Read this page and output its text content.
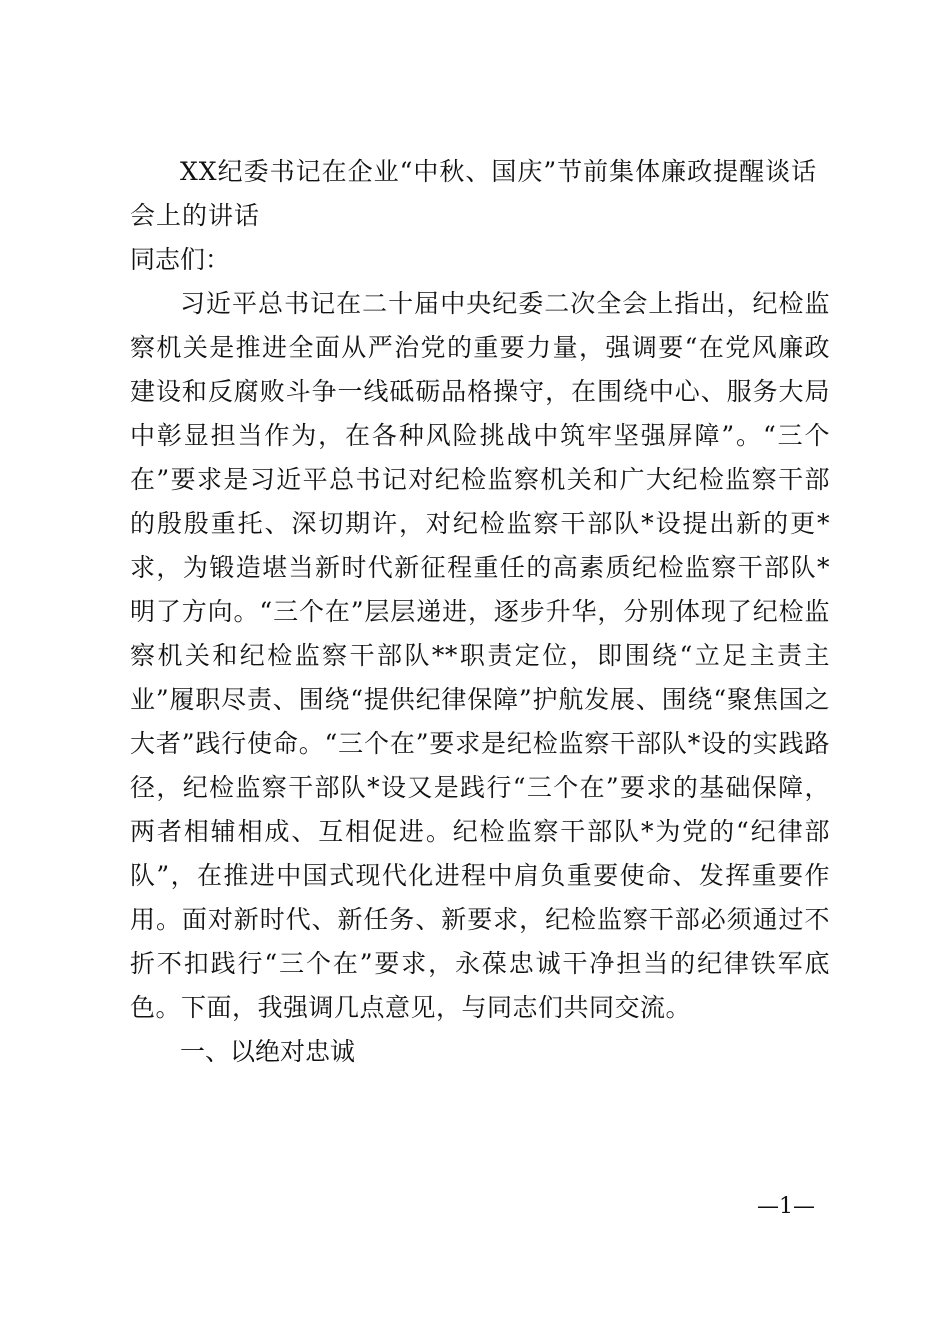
XX纪委书记在企业“中秋、国庆”节前集体廉政提醒谈话会上的讲话

同志们：

习近平总书记在二十届中央纪委二次全会上指出，纪检监察机关是推进全面从严治党的重要力量，强调要“在党风廉政建设和反腐败斗争一线砥砺品格操守，在围绕中心、服务大局中彰显担当作为，在各种风险挑战中筑牢坚强屏障”。“三个在”要求是习近平总书记对纪检监察机关和广大纪检监察干部的殷殷重托、深切期许，对纪检监察干部队*设提出新的更*求，为锻造堪当新时代新征程重任的高素质纪检监察干部队*明了方向。“三个在”层层递进，逐步升华，分别体现了纪检监察机关和纪检监察干部队**职责定位，即围绕“立足主责主业”履职尽责、围绕“提供纪律保障”护航发展、围绕“聚焦国之大者”践行使命。“三个在”要求是纪检监察干部队*设的实践路径，纪检监察干部队*设又是践行“三个在”要求的基础保障，两者相辅相成、互相促进。纪检监察干部队*为党的“纪律部队”，在推进中国式现代化进程中肩负重要使命、发挥重要作用。面对新时代、新任务、新要求，纪检监察干部必须通过不折不扣践行“三个在”要求，永葆忠诚干净担当的纪律铁军底色。下面，我强调几点意见，与同志们共同交流。

一、以绝对忠诚

—1—
